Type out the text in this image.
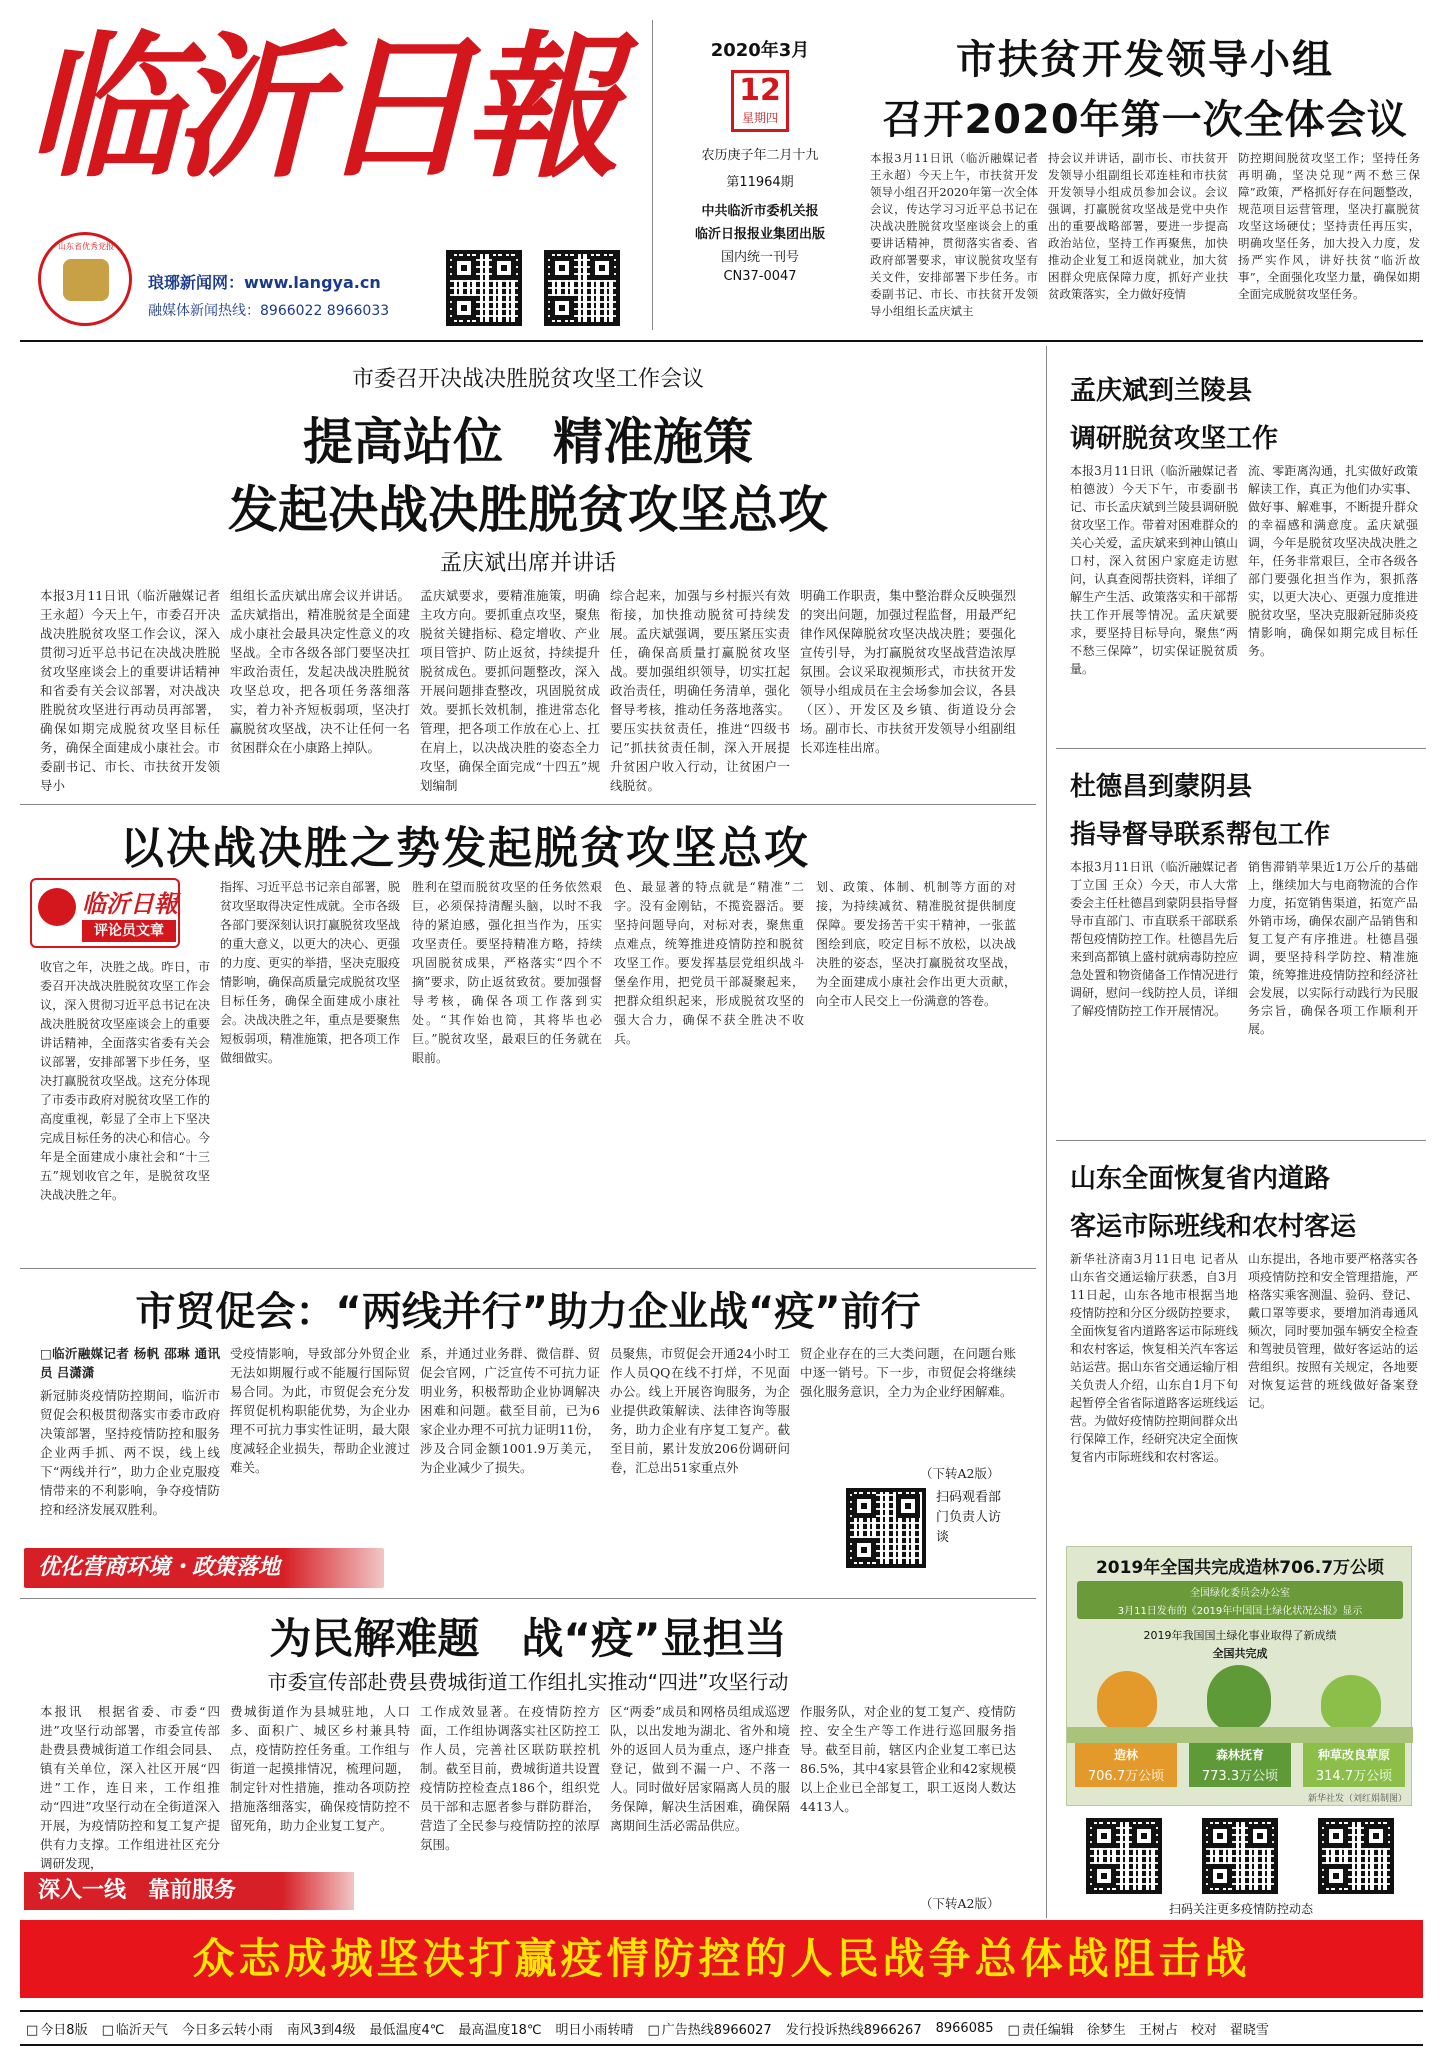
临沂日報
山东省优秀党报
琅琊新闻网：www.langya.cn
融媒体新闻热线：8966022 8966033
2020年3月
12
星期四
农历庚子年二月十九
第11964期
中共临沂市委机关报
临沂日报报业集团出版
国内统一刊号
CN37-0047
市扶贫开发领导小组
召开2020年第一次全体会议
本报3月11日讯（临沂融媒记者 王永超）今天上午，市扶贫开发领导小组召开2020年第一次全体会议，传达学习习近平总书记在决战决胜脱贫攻坚座谈会上的重要讲话精神，贯彻落实省委、省政府部署要求，审议脱贫攻坚有关文件，安排部署下步任务。市委副书记、市长、市扶贫开发领导小组组长孟庆斌主
持会议并讲话，副市长、市扶贫开发领导小组副组长邓连桂和市扶贫开发领导小组成员参加会议。会议强调，打赢脱贫攻坚战是党中央作出的重要战略部署，要进一步提高政治站位，坚持工作再聚焦，加快推动企业复工和返岗就业，加大贫困群众兜底保障力度，抓好产业扶贫政策落实，全力做好疫情
防控期间脱贫攻坚工作；坚持任务再明确，坚决兑现“两不愁三保障”政策，严格抓好存在问题整改，规范项目运营管理，坚决打赢脱贫攻坚这场硬仗；坚持责任再压实，明确攻坚任务，加大投入力度，发扬严实作风，讲好扶贫“临沂故事”，全面强化攻坚力量，确保如期全面完成脱贫攻坚任务。
市委召开决战决胜脱贫攻坚工作会议
提高站位　精准施策
发起决战决胜脱贫攻坚总攻
孟庆斌出席并讲话
本报3月11日讯（临沂融媒记者 王永超）今天上午，市委召开决战决胜脱贫攻坚工作会议，深入贯彻习近平总书记在决战决胜脱贫攻坚座谈会上的重要讲话精神和省委有关会议部署，对决战决胜脱贫攻坚进行再动员再部署，确保如期完成脱贫攻坚目标任务，确保全面建成小康社会。市委副书记、市长、市扶贫开发领导小
组组长孟庆斌出席会议并讲话。孟庆斌指出，精准脱贫是全面建成小康社会最具决定性意义的攻坚战。全市各级各部门要坚决扛牢政治责任，发起决战决胜脱贫攻坚总攻，把各项任务落细落实，着力补齐短板弱项，坚决打赢脱贫攻坚战，决不让任何一名贫困群众在小康路上掉队。
孟庆斌要求，要精准施策，明确主攻方向。要抓重点攻坚，聚焦脱贫关键指标、稳定增收、产业项目管护、防止返贫，持续提升脱贫成色。要抓问题整改，深入开展问题排查整改，巩固脱贫成效。要抓长效机制，推进常态化管理，把各项工作放在心上、扛在肩上，以决战决胜的姿态全力攻坚，确保全面完成“十四五”规划编制
综合起来，加强与乡村振兴有效衔接，加快推动脱贫可持续发展。孟庆斌强调，要压紧压实责任，确保高质量打赢脱贫攻坚战。要加强组织领导，切实扛起政治责任，明确任务清单，强化督导考核，推动任务落地落实。要压实扶贫责任，推进“四级书记”抓扶贫责任制，深入开展提升贫困户收入行动，让贫困户一线脱贫。
明确工作职责，集中整治群众反映强烈的突出问题，加强过程监督，用最严纪律作风保障脱贫攻坚决战决胜；要强化宣传引导，为打赢脱贫攻坚战营造浓厚氛围。会议采取视频形式，市扶贫开发领导小组成员在主会场参加会议，各县（区）、开发区及乡镇、街道设分会场。副市长、市扶贫开发领导小组副组长邓连桂出席。
临沂日報
评论员文章
以决战决胜之势发起脱贫攻坚总攻
收官之年，决胜之战。昨日，市委召开决战决胜脱贫攻坚工作会议，深入贯彻习近平总书记在决战决胜脱贫攻坚座谈会上的重要讲话精神，全面落实省委有关会议部署，安排部署下步任务，坚决打赢脱贫攻坚战。这充分体现了市委市政府对脱贫攻坚工作的高度重视，彰显了全市上下坚决完成目标任务的决心和信心。今年是全面建成小康社会和“十三五”规划收官之年，是脱贫攻坚决战决胜之年。
指挥、习近平总书记亲自部署，脱贫攻坚取得决定性成就。全市各级各部门要深刻认识打赢脱贫攻坚战的重大意义，以更大的决心、更强的力度、更实的举措，坚决克服疫情影响，确保高质量完成脱贫攻坚目标任务，确保全面建成小康社会。决战决胜之年，重点是要聚焦短板弱项，精准施策，把各项工作做细做实。
胜利在望而脱贫攻坚的任务依然艰巨，必须保持清醒头脑，以时不我待的紧迫感，强化担当作为，压实攻坚责任。要坚持精准方略，持续巩固脱贫成果，严格落实“四个不摘”要求，防止返贫致贫。要加强督导考核，确保各项工作落到实处。“其作始也简，其将毕也必巨。”脱贫攻坚，最艰巨的任务就在眼前。
色、最显著的特点就是“精准”二字。没有金刚钻，不揽瓷器活。要坚持问题导向，对标对表，聚焦重点难点，统筹推进疫情防控和脱贫攻坚工作。要发挥基层党组织战斗堡垒作用，把党员干部凝聚起来，把群众组织起来，形成脱贫攻坚的强大合力，确保不获全胜决不收兵。
划、政策、体制、机制等方面的对接，为持续减贫、精准脱贫提供制度保障。要发扬苦干实干精神，一张蓝图绘到底，咬定目标不放松，以决战决胜的姿态，坚决打赢脱贫攻坚战，为全面建成小康社会作出更大贡献，向全市人民交上一份满意的答卷。
市贸促会：“两线并行”助力企业战“疫”前行
□临沂融媒记者 杨帆 邵琳 通讯员 吕潇潇
新冠肺炎疫情防控期间，临沂市贸促会积极贯彻落实市委市政府决策部署，坚持疫情防控和服务企业两手抓、两不误，线上线下“两线并行”，助力企业克服疫情带来的不利影响，争夺疫情防控和经济发展双胜利。
受疫情影响，导致部分外贸企业无法如期履行或不能履行国际贸易合同。为此，市贸促会充分发挥贸促机构职能优势，为企业办理不可抗力事实性证明，最大限度减轻企业损失，帮助企业渡过难关。
系，并通过业务群、微信群、贸促会官网，广泛宣传不可抗力证明业务，积极帮助企业协调解决困难和问题。截至目前，已为6家企业办理不可抗力证明11份，涉及合同金额1001.9万美元，为企业减少了损失。
员聚焦，市贸促会开通24小时工作人员QQ在线不打烊，不见面办公。线上开展咨询服务，为企业提供政策解读、法律咨询等服务，助力企业有序复工复产。截至目前，累计发放206份调研问卷，汇总出51家重点外
贸企业存在的三大类问题，在问题台账中逐一销号。下一步，市贸促会将继续强化服务意识，全力为企业纾困解难。
（下转A2版）
扫码观看部门负责人访谈
优化营商环境・政策落地
为民解难题　战“疫”显担当
市委宣传部赴费县费城街道工作组扎实推动“四进”攻坚行动
本报讯　根据省委、市委“四进”攻坚行动部署，市委宣传部赴费县费城街道工作组会同县、镇有关单位，深入社区开展“四进”工作，连日来，工作组推动“四进”攻坚行动在全街道深入开展，为疫情防控和复工复产提供有力支撑。工作组进社区充分调研发现，
费城街道作为县城驻地，人口多、面积广、城区乡村兼具特点，疫情防控任务重。工作组与街道一起摸排情况，梳理问题，制定针对性措施，推动各项防控措施落细落实，确保疫情防控不留死角，助力企业复工复产。
工作成效显著。在疫情防控方面，工作组协调落实社区防控工作人员，完善社区联防联控机制。截至目前，费城街道共设置疫情防控检查点186个，组织党员干部和志愿者参与群防群治，营造了全民参与疫情防控的浓厚氛围。
区“两委”成员和网格员组成巡逻队，以出发地为湖北、省外和境外的返回人员为重点，逐户排查登记，做到不漏一户、不落一人。同时做好居家隔离人员的服务保障，解决生活困难，确保隔离期间生活必需品供应。
作服务队，对企业的复工复产、疫情防控、安全生产等工作进行巡回服务指导。截至目前，辖区内企业复工率已达86.5%，其中4家县管企业和42家规模以上企业已全部复工，职工返岗人数达4413人。
（下转A2版）
深入一线　靠前服务
孟庆斌到兰陵县
调研脱贫攻坚工作
本报3月11日讯（临沂融媒记者 柏德波）今天下午，市委副书记、市长孟庆斌到兰陵县调研脱贫攻坚工作。带着对困难群众的关心关爱，孟庆斌来到神山镇山口村，深入贫困户家庭走访慰问，认真查阅帮扶资料，详细了解生产生活、政策落实和干部帮扶工作开展等情况。孟庆斌要求，要坚持目标导向，聚焦“两不愁三保障”，切实保证脱贫质量。
流、零距离沟通，扎实做好政策解读工作，真正为他们办实事、做好事、解难事，不断提升群众的幸福感和满意度。孟庆斌强调，今年是脱贫攻坚决战决胜之年，任务非常艰巨，全市各级各部门要强化担当作为，狠抓落实，以更大决心、更强力度推进脱贫攻坚，坚决克服新冠肺炎疫情影响，确保如期完成目标任务。
杜德昌到蒙阴县
指导督导联系帮包工作
本报3月11日讯（临沂融媒记者 丁立国 王众）今天，市人大常委会主任杜德昌到蒙阴县指导督导市直部门、市直联系干部联系帮包疫情防控工作。杜德昌先后来到高都镇上盛村就病毒防控应急处置和物资储备工作情况进行调研，慰问一线防控人员，详细了解疫情防控工作开展情况。
销售滞销苹果近1万公斤的基础上，继续加大与电商物流的合作力度，拓宽销售渠道，拓宽产品外销市场，确保农副产品销售和复工复产有序推进。杜德昌强调，要坚持科学防控、精准施策，统筹推进疫情防控和经济社会发展，以实际行动践行为民服务宗旨，确保各项工作顺利开展。
山东全面恢复省内道路
客运市际班线和农村客运
新华社济南3月11日电 记者从山东省交通运输厅获悉，自3月11日起，山东各地市根据当地疫情防控和分区分级防控要求，全面恢复省内道路客运市际班线和农村客运，恢复相关汽车客运站运营。据山东省交通运输厅相关负责人介绍，山东自1月下旬起暂停全省省际道路客运班线运营。为做好疫情防控期间群众出行保障工作，经研究决定全面恢复省内市际班线和农村客运。
山东提出，各地市要严格落实各项疫情防控和安全管理措施，严格落实乘客测温、验码、登记、戴口罩等要求，要增加消毒通风频次，同时要加强车辆安全检查和驾驶员管理，做好客运站的运营组织。按照有关规定，各地要对恢复运营的班线做好备案登记。
2019年全国共完成造林706.7万公顷
全国绿化委员会办公室
3月11日发布的《2019年中国国土绿化状况公报》显示
2019年我国国土绿化事业取得了新成绩
全国共完成
造林
706.7万公顷
森林抚育
773.3万公顷
种草改良草原
314.7万公顷
新华社发（刘红娟制图）
扫码关注更多疫情防控动态
众志成城坚决打赢疫情防控的人民战争总体战阻击战
□ 今日8版	□ 临沂天气 今日多云转小雨 南风3到4级 最低温度4℃ 最高温度18℃ 明日小雨转晴	□ 广告热线8966027 发行投诉热线8966267 8966085	□ 责任编辑　徐梦生　王树占　校对　翟晓雪
